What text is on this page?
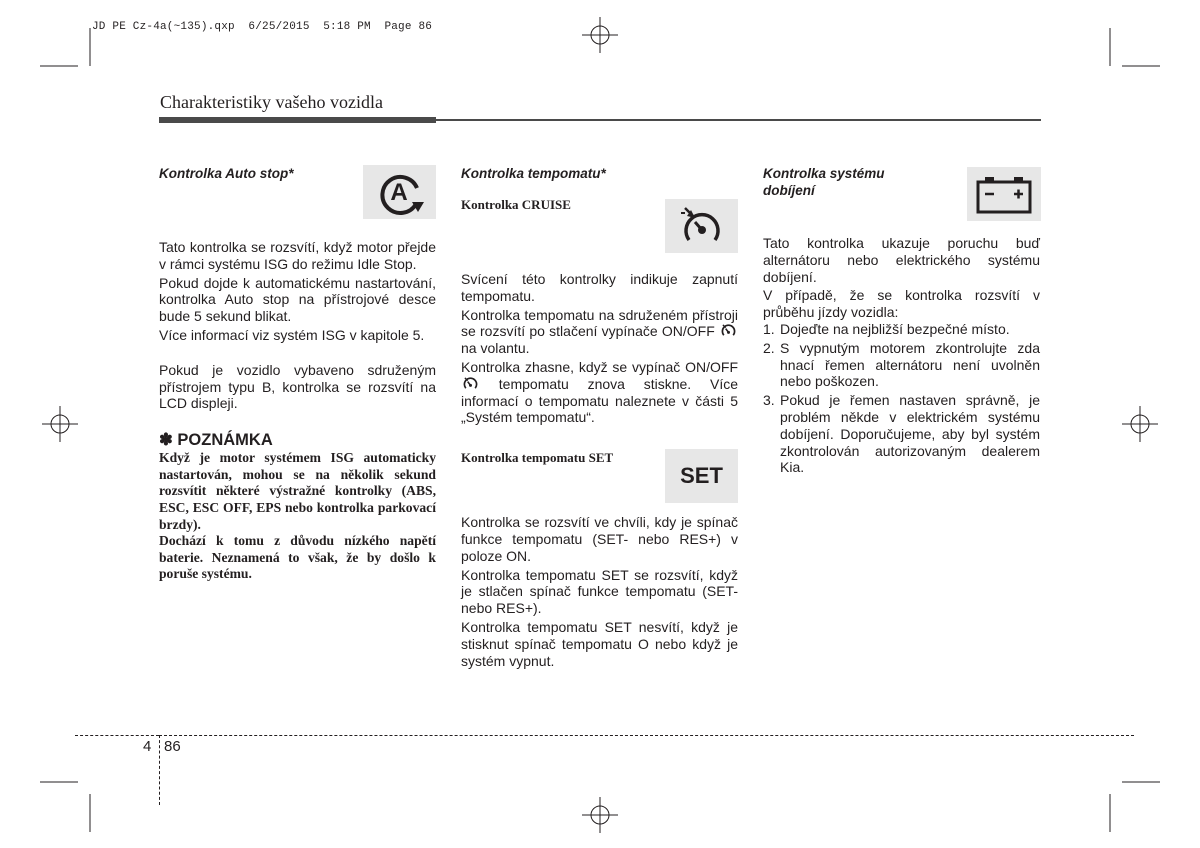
JD PE Cz-4a(~135).qxp  6/25/2015  5:18 PM  Page 86
Charakteristiky vašeho vozidla
Kontrolka Auto stop*
A

Tato kontrolka se rozsvítí, když motor přejde v rámci systému ISG do režimu Idle Stop.

Pokud dojde k automatickému nastartování, kontrolka Auto stop na přístrojové desce bude 5 sekund blikat.

Více informací viz systém ISG v kapitole 5.

Pokud je vozidlo vybaveno sdruženým přístrojem typu B, kontrolka se rozsvítí na LCD displeji.

✽ POZNÁMKA

Když je motor systémem ISG automaticky nastartován, mohou se na několik sekund rozsvítit některé výstražné kontrolky (ABS, ESC, ESC OFF, EPS nebo kontrolka parkovací brzdy).

Dochází k tomu z důvodu nízkého napětí baterie. Neznamená to však, že by došlo k poruše systému.

Kontrolka tempomatu*
Kontrolka CRUISE

Svícení této kontrolky indikuje zapnutí tempomatu.

Kontrolka tempomatu na sdruženém přístroji se rozsvítí po stlačení vypínače ON/OFF  na volantu.

Kontrolka zhasne, když se vypínač ON/OFF  tempomatu znova stiskne. Více informací o tempomatu naleznete v části 5 „Systém tempomatu“.

Kontrolka tempomatu SET
SET

Kontrolka se rozsvítí ve chvíli, kdy je spínač funkce tempomatu (SET- nebo RES+) v poloze ON.

Kontrolka tempomatu SET se rozsvítí, když je stlačen spínač funkce tempomatu (SET- nebo RES+).

Kontrolka tempomatu SET nesvítí, když je stisknut spínač tempomatu O nebo když je systém vypnut.

Kontrolka systému
dobíjení

Tato kontrolka ukazuje poruchu buď alternátoru nebo elektrického systému dobíjení.

V případě, že se kontrolka rozsvítí v průběhu jízdy vozidla:

1. Dojeďte na nejbližší bezpečné místo.
2. S vypnutým motorem zkontrolujte zda hnací řemen alternátoru není uvolněn nebo poškozen.
3. Pokud je řemen nastaven správně, je problém někde v elektrickém systému dobíjení. Doporučujeme, aby byl systém zkontrolován autorizovaným dealerem Kia.
4 86
